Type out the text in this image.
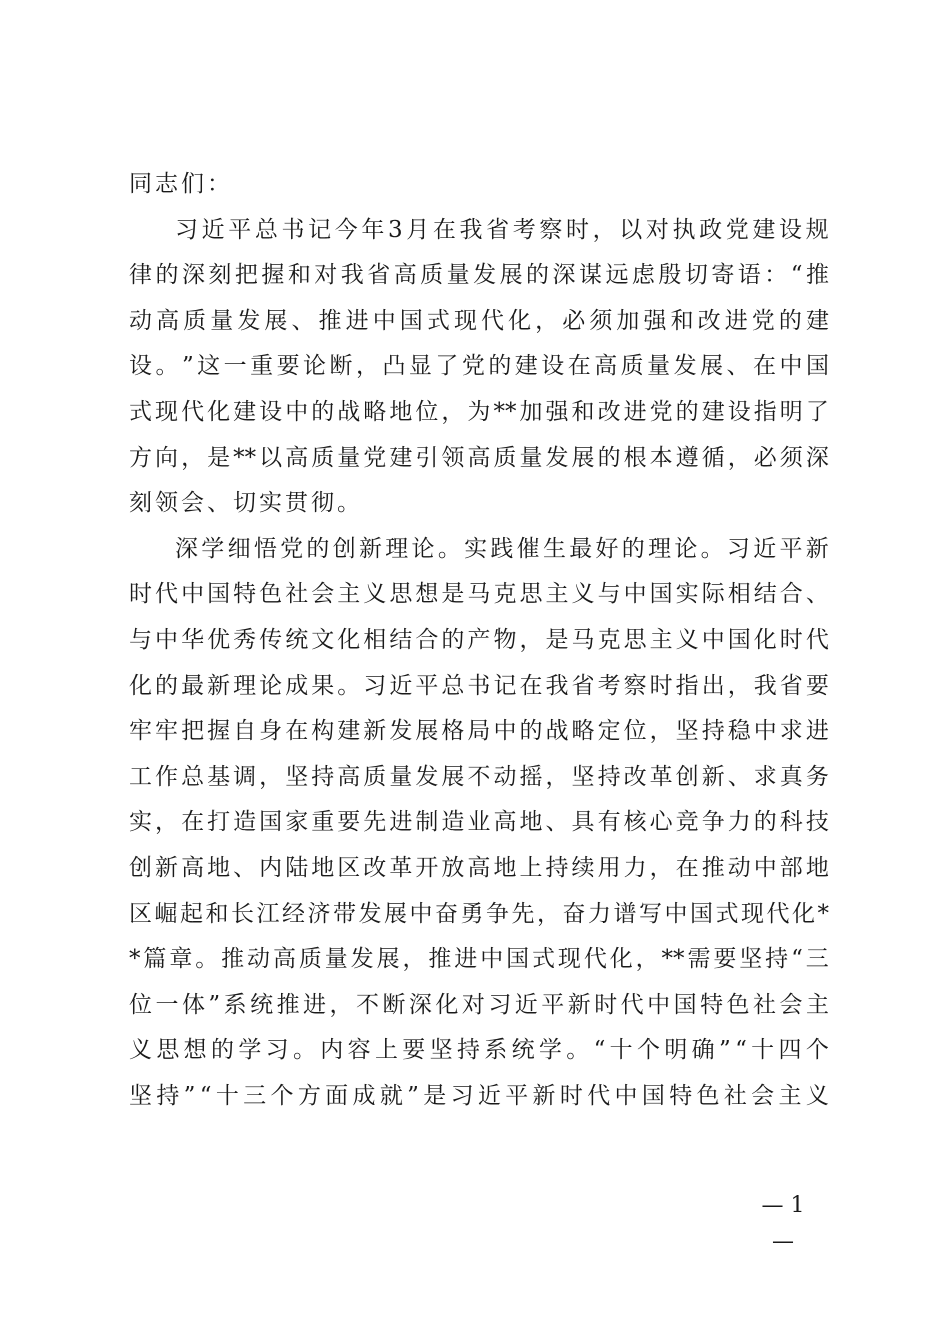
同志们：
习 近 平 总 书 记 今 年 3 月 在 我 省 考 察 时 ， 以 对 执 政 党 建 设 规
律 的 深 刻 把 握 和 对 我 省 高 质 量 发 展 的 深 谋 远 虑 殷 切 寄 语 ： “ 推
动 高 质 量 发 展 、 推 进 中 国 式 现 代 化 ， 必 须 加 强 和 改 进 党 的 建
设 。 ” 这 一 重 要 论 断 ， 凸 显 了 党 的 建 设 在 高 质 量 发 展 、 在 中 国
式 现 代 化 建 设 中 的 战 略 地 位 ， 为 ** 加 强 和 改 进 党 的 建 设 指 明 了
方 向 ， 是 ** 以 高 质 量 党 建 引 领 高 质 量 发 展 的 根 本 遵 循 ， 必 须 深
刻领会、切实贯彻。
深 学 细 悟 党 的 创 新 理 论 。 实 践 催 生 最 好 的 理 论 。 习 近 平 新
时 代 中 国 特 色 社 会 主 义 思 想 是 马 克 思 主 义 与 中 国 实 际 相 结 合 、
与 中 华 优 秀 传 统 文 化 相 结 合 的 产 物 ， 是 马 克 思 主 义 中 国 化 时 代
化 的 最 新 理 论 成 果 。 习 近 平 总 书 记 在 我 省 考 察 时 指 出 ， 我 省 要
牢 牢 把 握 自 身 在 构 建 新 发 展 格 局 中 的 战 略 定 位 ， 坚 持 稳 中 求 进
工 作 总 基 调 ， 坚 持 高 质 量 发 展 不 动 摇 ， 坚 持 改 革 创 新 、 求 真 务
实 ， 在 打 造 国 家 重 要 先 进 制 造 业 高 地 、 具 有 核 心 竞 争 力 的 科 技
创 新 高 地 、 内 陆 地 区 改 革 开 放 高 地 上 持 续 用 力 ， 在 推 动 中 部 地
区 崛 起 和 长 江 经 济 带 发 展 中 奋 勇 争 先 ， 奋 力 谱 写 中 国 式 现 代 化 *
* 篇 章 。 推 动 高 质 量 发 展 ， 推 进 中 国 式 现 代 化 ， ** 需 要 坚 持 “ 三
位 一 体 ” 系 统 推 进 ， 不 断 深 化 对 习 近 平 新 时 代 中 国 特 色 社 会 主
义 思 想 的 学 习 。 内 容 上 要 坚 持 系 统 学 。 “ 十 个 明 确 ” “ 十 四 个
坚 持 ” “ 十 三 个 方 面 成 就 ” 是 习 近 平 新 时 代 中 国 特 色 社 会 主 义
— 1 —
